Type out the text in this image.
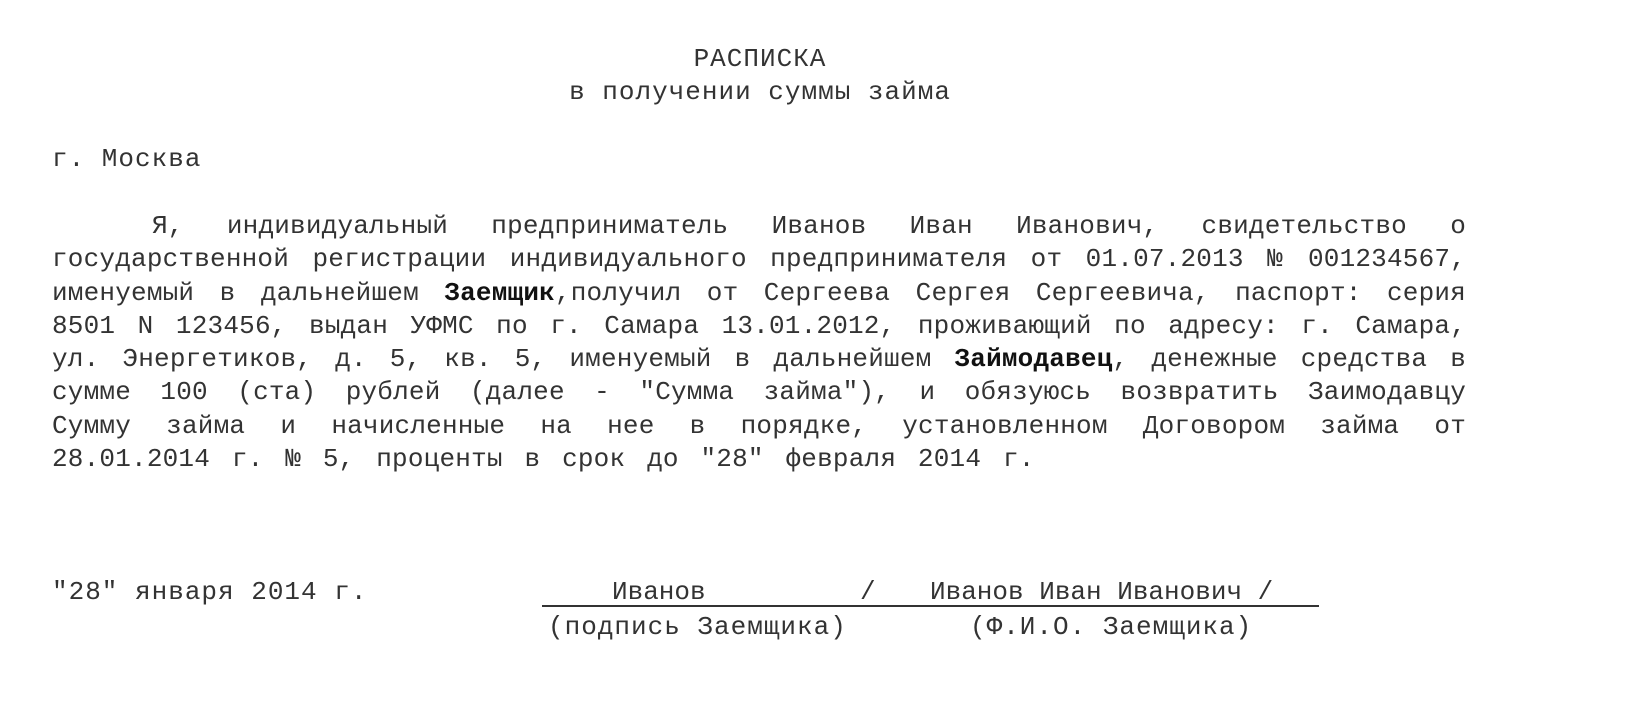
РАСПИСКА
в получении суммы займа
г. Москва
Я, индивидуальный предприниматель Иванов Иван Иванович, свидетельство о государственной регистрации индивидуального предпринимателя от 01.07.2013 № 001234567, именуемый в дальнейшем Заемщик,получил от Сергеева Сергея Сергеевича, паспорт: серия 8501 N 123456, выдан УФМС по г. Самара 13.01.2012, проживающий по адресу: г. Самара, ул. Энергетиков, д. 5, кв. 5, именуемый в дальнейшем Займодавец, денежные средства в сумме 100 (ста) рублей (далее - "Сумма займа"), и обязуюсь возвратить Заимодавцу Сумму займа и начисленные на нее в порядке, установленном Договором займа от 28.01.2014 г. № 5, проценты в срок до "28" февраля 2014 г.
"28" января 2014 г.	Иванов	/ Иванов Иван Иванович /
(подпись Заемщика)	(Ф.И.О. Заемщика)
